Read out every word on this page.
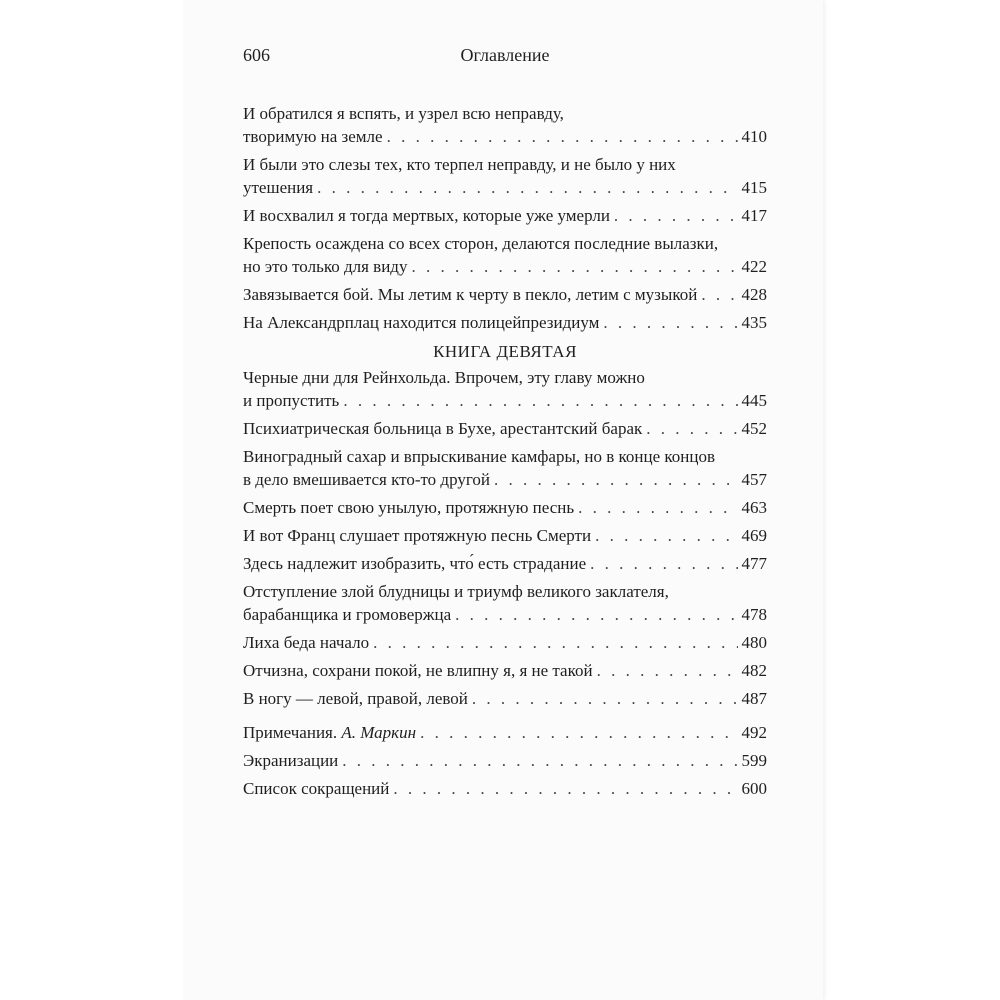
606	Оглавление
И обратился я вспять, и узрел всю неправду,
творимую на земле . . .	410
И были это слезы тех, кто терпел неправду, и не было у них
утешения . . .	415
И восхвалил я тогда мертвых, которые уже умерли . . .	417
Крепость осаждена со всех сторон, делаются последние вылазки,
но это только для виду . . .	422
Завязывается бой. Мы летим к черту в пекло, летим с музыкой . . .	428
На Александрплац находится полицейпрезидиум . . .	435
КНИГА ДЕВЯТАЯ
Черные дни для Рейнхольда. Впрочем, эту главу можно
и пропустить . . .	445
Психиатрическая больница в Бухе, арестантский барак . . .	452
Виноградный сахар и впрыскивание камфары, но в конце концов
в дело вмешивается кто-то другой . . .	457
Смерть поет свою унылую, протяжную песнь . . .	463
И вот Франц слушает протяжную песнь Смерти . . .	469
Здесь надлежит изобразить, что́ есть страдание . . .	477
Отступление злой блудницы и триумф великого заклателя,
барабанщика и громовержца . . .	478
Лиха беда начало . . .	480
Отчизна, сохрани покой, не влипну я, я не такой . . .	482
В ногу — левой, правой, левой . . .	487
Примечания. А. Маркин . . .	492
Экранизации . . .	599
Список сокращений . . .	600
